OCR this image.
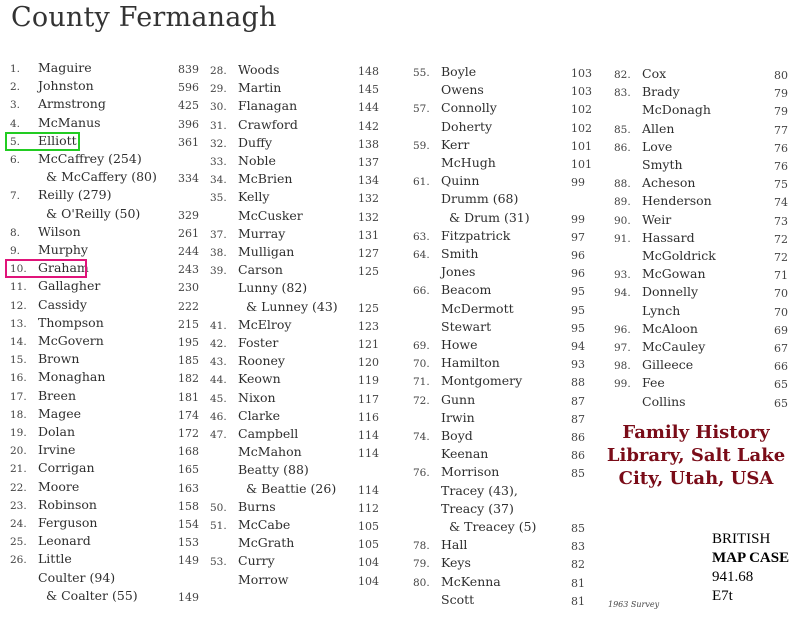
County Fermanagh
1. Maguire	839
2. Johnston	596
3. Armstrong	425
4. McManus	396
5. Elliott	361
6. McCaffrey (254)
& McCaffery (80) 334
7. Reilly (279)
& O'Reilly (50)	329
8. Wilson	261
9. Murphy	244
10. Graham	243
11. Gallagher	230
12. Cassidy	222
13. Thompson	215
14. McGovern	195
15. Brown	185
16. Monaghan	182
17. Breen	181
18. Magee	174
19. Dolan	172
20. Irvine	168
21. Corrigan	165
22. Moore	163
23. Robinson	158
24. Ferguson	154
25. Leonard	153
26. Little	149
Coulter (94)
& Coalter (55)	149
28. Woods	148
29. Martin	145
30. Flanagan	144
31. Crawford	142
32. Duffy	138
33. Noble	137
34. McBrien	134
35. Kelly	132
McCusker	132
37. Murray	131
38. Mulligan	127
39. Carson	125
Lunny (82)
& Lunney (43) 125
41. McElroy	123
42. Foster	121
43. Rooney	120
44. Keown	119
45. Nixon	117
46. Clarke	116
47. Campbell	114
McMahon	114
Beatty (88)
& Beattie (26) 114
50. Burns	112
51. McCabe	105
McGrath	105
53. Curry	104
Morrow	104
55. Boyle	103
Owens	103
57. Connolly	102
Doherty	102
59. Kerr	101
McHugh	101
61. Quinn	99
Drumm (68)
& Drum (31)	99
63. Fitzpatrick	97
64. Smith	96
Jones	96
66. Beacom	95
McDermott	95
Stewart	95
69. Howe	94
70. Hamilton	93
71. Montgomery	88
72. Gunn	87
Irwin	87
74. Boyd	86
Keenan	86
76. Morrison	85
Tracey (43),
Treacy (37)
& Treacey (5)	85
78. Hall	83
79. Keys	82
80. McKenna	81
Scott	81
82. Cox	80
83. Brady	79
McDonagh	79
85. Allen	77
86. Love	76
Smyth	76
88. Acheson	75
89. Henderson	74
90. Weir	73
91. Hassard	72
McGoldrick	72
93. McGowan	71
94. Donnelly	70
Lynch	70
96. McAloon	69
97. McCauley	67
98. Gilleece	66
99. Fee	65
Collins	65
Family History
Library, Salt Lake
City, Utah, USA
BRITISH
MAP CASE
941.68
E7t
1963 Survey
